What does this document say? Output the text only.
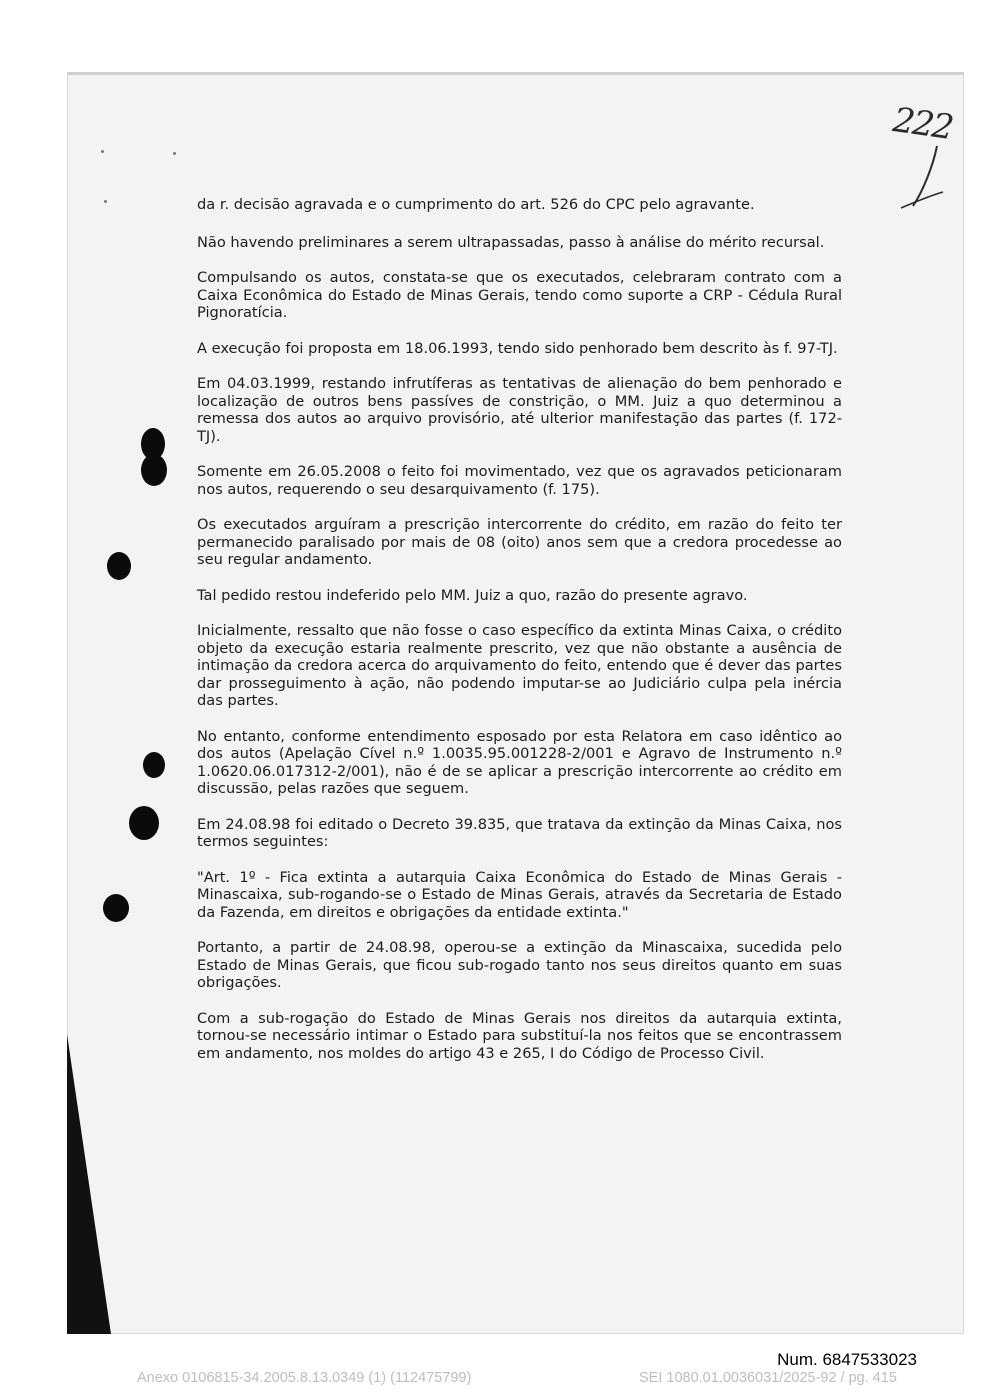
222

da r. decisão agravada e o cumprimento do art. 526 do CPC pelo agravante.

Não havendo preliminares a serem ultrapassadas, passo à análise do mérito recursal.

Compulsando os autos, constata-se que os executados, celebraram contrato com a Caixa Econômica do Estado de Minas Gerais, tendo como suporte a CRP - Cédula Rural Pignoratícia.

A execução foi proposta em 18.06.1993, tendo sido penhorado bem descrito às f. 97-TJ.

Em 04.03.1999, restando infrutíferas as tentativas de alienação do bem penhorado e localização de outros bens passíves de constrição, o MM. Juiz a quo determinou a remessa dos autos ao arquivo provisório, até ulterior manifestação das partes (f. 172-TJ).

Somente em 26.05.2008 o feito foi movimentado, vez que os agravados peticionaram nos autos, requerendo o seu desarquivamento (f. 175).

Os executados arguíram a prescrição intercorrente do crédito, em razão do feito ter permanecido paralisado por mais de 08 (oito) anos sem que a credora procedesse ao seu regular andamento.

Tal pedido restou indeferido pelo MM. Juiz a quo, razão do presente agravo.

Inicialmente, ressalto que não fosse o caso específico da extinta Minas Caixa, o crédito objeto da execução estaria realmente prescrito, vez que não obstante a ausência de intimação da credora acerca do arquivamento do feito, entendo que é dever das partes dar prosseguimento à ação, não podendo imputar-se ao Judiciário culpa pela inércia das partes.

No entanto, conforme entendimento esposado por esta Relatora em caso idêntico ao dos autos (Apelação Cível n.º 1.0035.95.001228-2/001 e Agravo de Instrumento n.º 1.0620.06.017312-2/001), não é de se aplicar a prescrição intercorrente ao crédito em discussão, pelas razões que seguem.

Em 24.08.98 foi editado o Decreto 39.835, que tratava da extinção da Minas Caixa, nos termos seguintes:

"Art. 1º - Fica extinta a autarquia Caixa Econômica do Estado de Minas Gerais - Minascaixa, sub-rogando-se o Estado de Minas Gerais, através da Secretaria de Estado da Fazenda, em direitos e obrigações da entidade extinta."

Portanto, a partir de 24.08.98, operou-se a extinção da Minascaixa, sucedida pelo Estado de Minas Gerais, que ficou sub-rogado tanto nos seus direitos quanto em suas obrigações.

Com a sub-rogação do Estado de Minas Gerais nos direitos da autarquia extinta, tornou-se necessário intimar o Estado para substituí-la nos feitos que se encontrassem em andamento, nos moldes do artigo 43 e 265, I do Código de Processo Civil.

Num. 6847533023
Anexo 0106815-34.2005.8.13.0349 (1) (112475799)	SEI 1080.01.0036031/2025-92 / pg. 415
